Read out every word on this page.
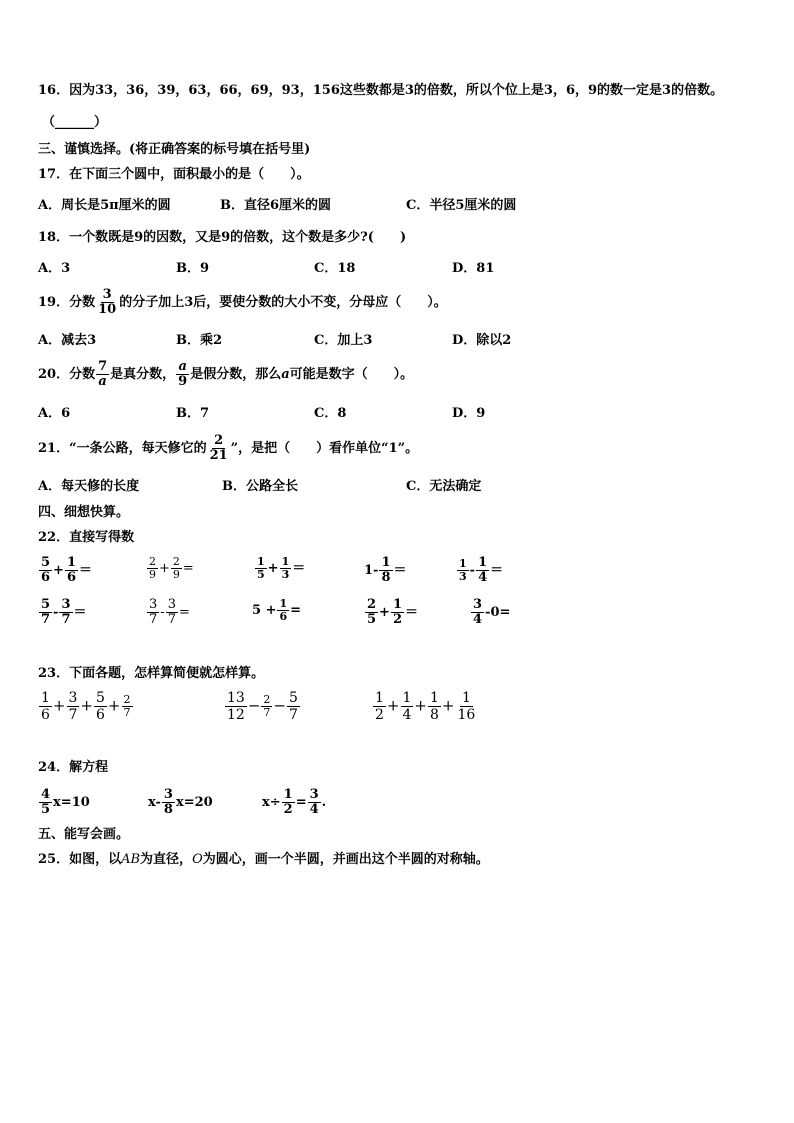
16．因为33，36，39，63，66，69，93，156这些数都是3的倍数，所以个位上是3，6，9的数一定是3的倍数。
（______）
三、谨慎选择。(将正确答案的标号填在括号里)
17．在下面三个圆中，面积最小的是（　　）。
A．周长是5π厘米的圆	B．直径6厘米的圆	C．半径5厘米的圆
18．一个数既是9的因数，又是9的倍数，这个数是多少?(　　)
A．3	B．9	C．18	D．81
19．分数 $\frac{3}{10}$ 的分子加上3后，要使分数的大小不变，分母应（　　）。
A．减去3	B．乘2	C．加上3	D．除以2
20．分数 $\frac{7}{a}$ 是真分数， $\frac{a}{9}$ 是假分数，那么a可能是数字（　　）。
A．6	B．7	C．8	D．9
21．“一条公路，每天修它的 $\frac{2}{21}$ ”，是把（　　）看作单位“1”。
A．每天修的长度	B．公路全长	C．无法确定
四、细想快算。
22．直接写得数
$\frac{5}{6} + \frac{1}{6}$ ＝	$\frac{2}{9} + \frac{2}{9}$ =	$\frac{1}{5} + \frac{1}{3}$ ＝	$1- \frac{1}{8}$ ＝	$\frac{1}{3} - \frac{1}{4}$ ＝
$\frac{5}{7} - \frac{3}{7}$ ＝	$\frac{3}{7} - \frac{3}{7}$ =	$5 + \frac{1}{6}$ =	$\frac{2}{5} + \frac{1}{2}$ ＝	$\frac{3}{4} -0=$
23．下面各题，怎样算简便就怎样算。
$\frac{1}{6} + \frac{3}{7} + \frac{5}{6} + \frac{2}{7}$	$\frac{13}{12} - \frac{2}{7} - \frac{5}{7}$	$\frac{1}{2} + \frac{1}{4} + \frac{1}{8} + \frac{1}{16}$
24．解方程
$\frac{4}{5} x=10$	$x- \frac{3}{8} x=20$	$x\div \frac{1}{2} = \frac{3}{4}$ .
五、能写会画。
25．如图，以AB为直径，O为圆心，画一个半圆，并画出这个半圆的对称轴。
